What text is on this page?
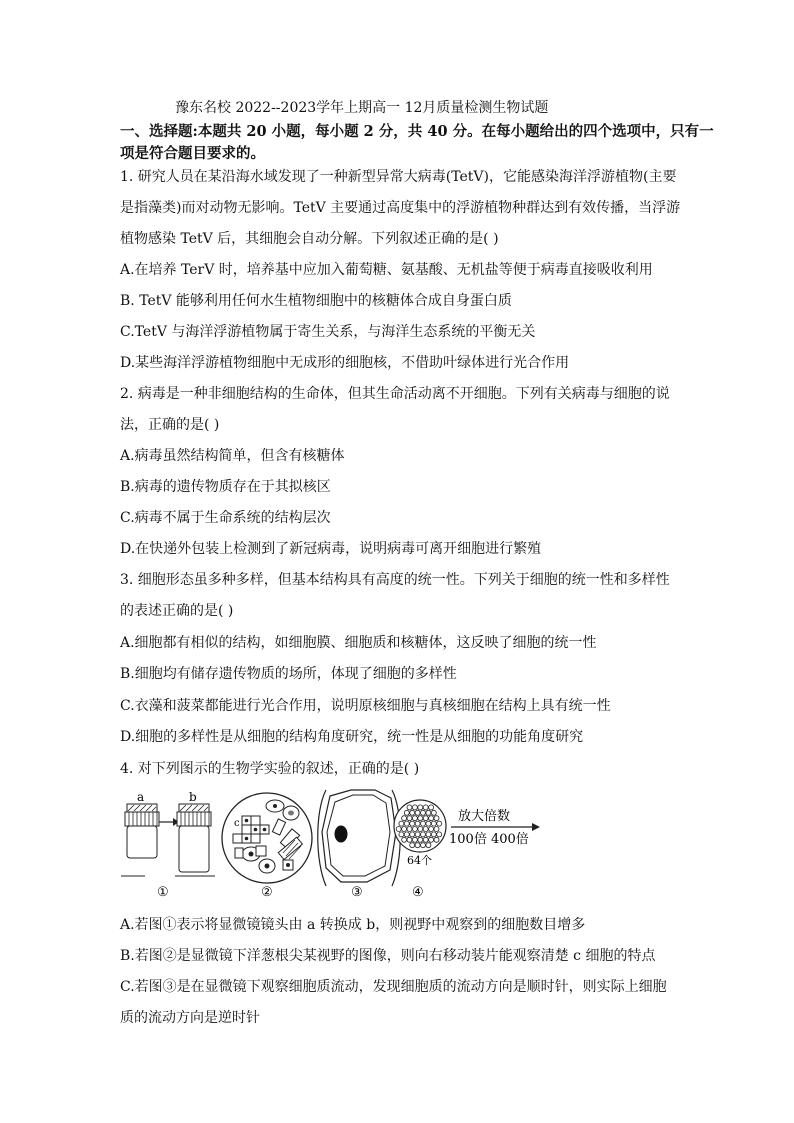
豫东名校 2022--2023学年上期高一 12月质量检测生物试题
一、选择题:本题共 20 小题，每小题 2 分，共 40 分。在每小题给出的四个选项中，只有一
项是符合题目要求的。
1. 研究人员在某沿海水域发现了一种新型异常大病毒(TetV)，它能感染海洋浮游植物(主要
是指藻类)而对动物无影响。TetV 主要通过高度集中的浮游植物种群达到有效传播，当浮游
植物感染 TetV 后，其细胞会自动分解。下列叙述正确的是( )
A.在培养 TerV 时，培养基中应加入葡萄糖、氨基酸、无机盐等便于病毒直接吸收利用
B. TetV 能够利用任何水生植物细胞中的核糖体合成自身蛋白质
C.TetV 与海洋浮游植物属于寄生关系，与海洋生态系统的平衡无关
D.某些海洋浮游植物细胞中无成形的细胞核，不借助叶绿体进行光合作用
2. 病毒是一种非细胞结构的生命体，但其生命活动离不开细胞。下列有关病毒与细胞的说
法，正确的是( )
A.病毒虽然结构简单，但含有核糖体
B.病毒的遗传物质存在于其拟核区
C.病毒不属于生命系统的结构层次
D.在快递外包装上检测到了新冠病毒，说明病毒可离开细胞进行繁殖
3. 细胞形态虽多种多样，但基本结构具有高度的统一性。下列关于细胞的统一性和多样性
的表述正确的是( )
A.细胞都有相似的结构，如细胞膜、细胞质和核糖体，这反映了细胞的统一性
B.细胞均有储存遗传物质的场所，体现了细胞的多样性
C.衣藻和菠菜都能进行光合作用，说明原核细胞与真核细胞在结构上具有统一性
D.细胞的多样性是从细胞的结构角度研究，统一性是从细胞的功能角度研究
4. 对下列图示的生物学实验的叙述，正确的是( )
a	b
①
c
②	③
64个
放大倍数
100倍 400倍
④
A.若图①表示将显微镜镜头由 a 转换成 b，则视野中观察到的细胞数目增多
B.若图②是显微镜下洋葱根尖某视野的图像，则向右移动装片能观察清楚 c 细胞的特点
C.若图③是在显微镜下观察细胞质流动，发现细胞质的流动方向是顺时针，则实际上细胞
质的流动方向是逆时针
